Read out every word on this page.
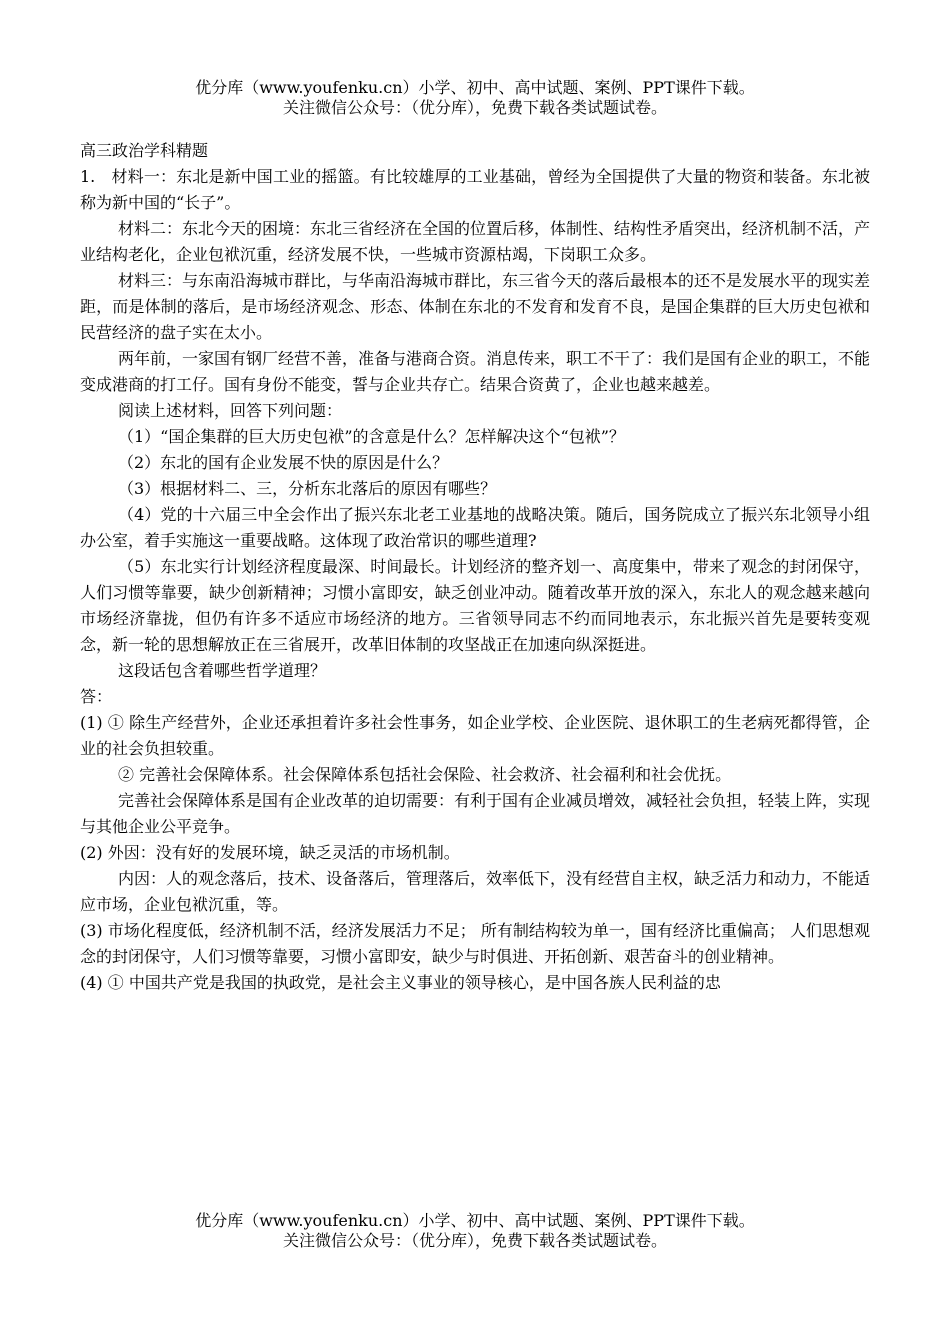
优分库（www.youfenku.cn）小学、初中、高中试题、案例、PPT课件下载。
关注微信公众号：（优分库），免费下载各类试题试卷。

高三政治学科精题

1.　材料一：东北是新中国工业的摇篮。有比较雄厚的工业基础，曾经为全国提供了大量的物资和装备。东北被称为新中国的“长子”。

材料二：东北今天的困境：东北三省经济在全国的位置后移，体制性、结构性矛盾突出，经济机制不活，产业结构老化，企业包袱沉重，经济发展不快，一些城市资源枯竭，下岗职工众多。

材料三：与东南沿海城市群比，与华南沿海城市群比，东三省今天的落后最根本的还不是发展水平的现实差距，而是体制的落后，是市场经济观念、形态、体制在东北的不发育和发育不良，是国企集群的巨大历史包袱和民营经济的盘子实在太小。

两年前，一家国有钢厂经营不善，准备与港商合资。消息传来，职工不干了：我们是国有企业的职工，不能变成港商的打工仔。国有身份不能变，誓与企业共存亡。结果合资黄了，企业也越来越差。

阅读上述材料，回答下列问题：

（1）“国企集群的巨大历史包袱”的含意是什么？怎样解决这个“包袱”？

（2）东北的国有企业发展不快的原因是什么？

（3）根据材料二、三，分析东北落后的原因有哪些？

（4）党的十六届三中全会作出了振兴东北老工业基地的战略决策。随后，国务院成立了振兴东北领导小组办公室，着手实施这一重要战略。这体现了政治常识的哪些道理?

（5）东北实行计划经济程度最深、时间最长。计划经济的整齐划一、高度集中，带来了观念的封闭保守，人们习惯等靠要，缺少创新精神；习惯小富即安，缺乏创业冲动。随着改革开放的深入，东北人的观念越来越向市场经济靠拢，但仍有许多不适应市场经济的地方。三省领导同志不约而同地表示，东北振兴首先是要转变观念，新一轮的思想解放正在三省展开，改革旧体制的攻坚战正在加速向纵深挺进。

这段话包含着哪些哲学道理？

答：

(1) ① 除生产经营外，企业还承担着许多社会性事务，如企业学校、企业医院、退休职工的生老病死都得管，企业的社会负担较重。

② 完善社会保障体系。社会保障体系包括社会保险、社会救济、社会福利和社会优抚。

完善社会保障体系是国有企业改革的迫切需要：有利于国有企业减员增效，减轻社会负担，轻装上阵，实现与其他企业公平竞争。

(2) 外因：没有好的发展环境，缺乏灵活的市场机制。

内因：人的观念落后，技术、设备落后，管理落后，效率低下，没有经营自主权，缺乏活力和动力，不能适应市场，企业包袱沉重，等。

(3) 市场化程度低，经济机制不活，经济发展活力不足； 所有制结构较为单一，国有经济比重偏高； 人们思想观念的封闭保守，人们习惯等靠要，习惯小富即安，缺少与时俱进、开拓创新、艰苦奋斗的创业精神。

(4) ① 中国共产党是我国的执政党，是社会主义事业的领导核心，是中国各族人民利益的忠

优分库（www.youfenku.cn）小学、初中、高中试题、案例、PPT课件下载。
关注微信公众号：（优分库），免费下载各类试题试卷。
